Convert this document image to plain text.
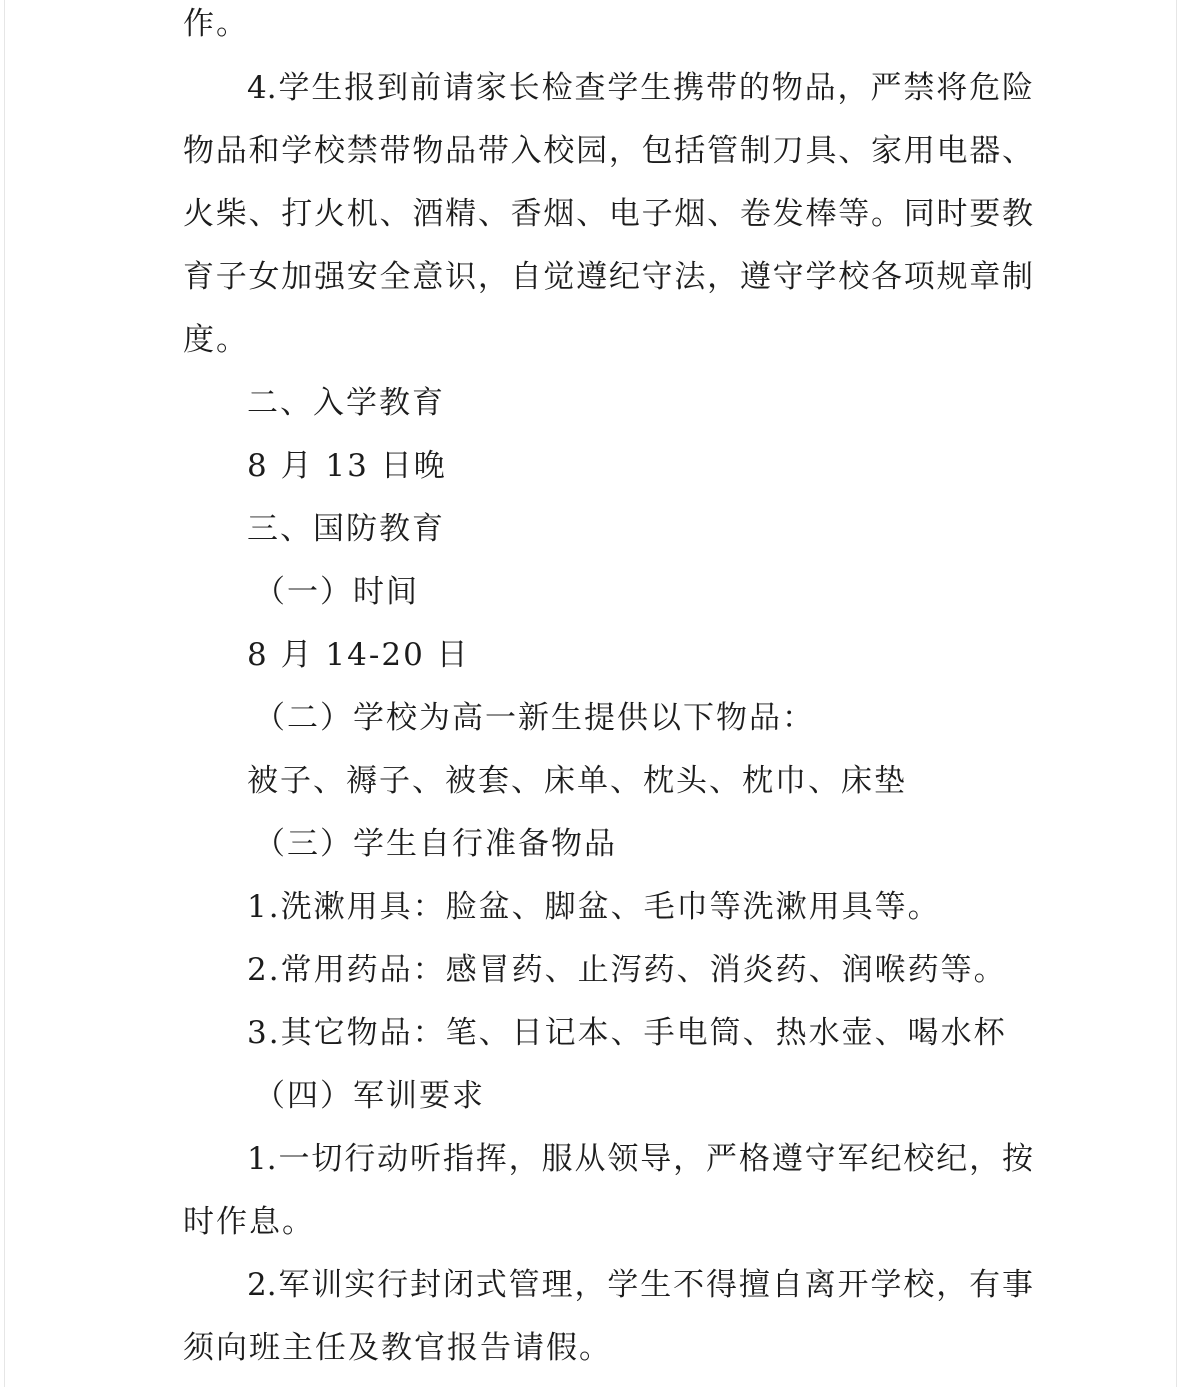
作。

4.学生报到前请家长检查学生携带的物品，严禁将危险

物品和学校禁带物品带入校园，包括管制刀具、家用电器、

火柴、打火机、酒精、香烟、电子烟、卷发棒等。同时要教

育子女加强安全意识，自觉遵纪守法，遵守学校各项规章制

度。

二、入学教育

8 月 13 日晚

三、国防教育

（一）时间

8 月 14-20 日

（二）学校为高一新生提供以下物品：

被子、褥子、被套、床单、枕头、枕巾、床垫

（三）学生自行准备物品

1.洗漱用具：脸盆、脚盆、毛巾等洗漱用具等。

2.常用药品：感冒药、止泻药、消炎药、润喉药等。

3.其它物品：笔、日记本、手电筒、热水壶、喝水杯

（四）军训要求

1.一切行动听指挥，服从领导，严格遵守军纪校纪，按

时作息。

2.军训实行封闭式管理，学生不得擅自离开学校，有事

须向班主任及教官报告请假。
